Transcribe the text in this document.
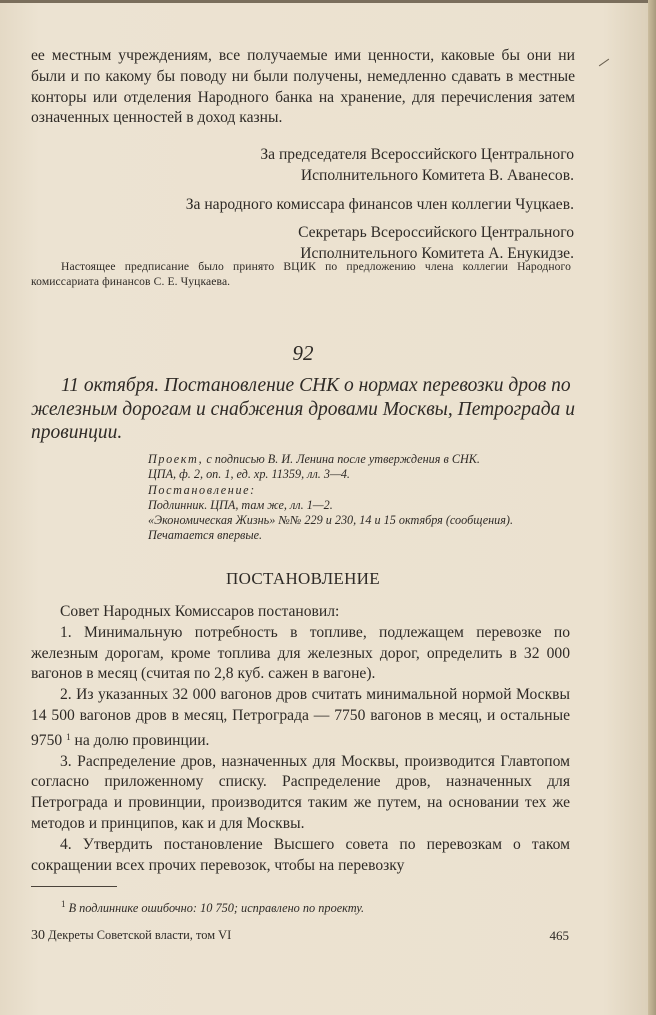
ее местным учреждениям, все получаемые ими ценности, каковые бы они ни были и по какому бы поводу ни были получены, немедленно сдавать в местные конторы или отделения Народного банка на хранение, для перечисления затем означенных ценностей в доход казны.

За председателя Всероссийского Центрального

Исполнительного Комитета В. Аванесов.

За народного комиссара финансов член коллегии Чуцкаев.

Секретарь Всероссийского Центрального

Исполнительного Комитета А. Енукидзе.

Настоящее предписание было принято ВЦИК по предложению члена коллегии Народного комиссариата финансов С. Е. Чуцкаева.

92

11 октября. Постановление СНК о нормах перевозки дров по железным дорогам и снабжения дровами Москвы, Петрограда и провинции.

Проект, с подписью В. И. Ленина после утверждения в СНК.

ЦПА, ф. 2, оп. 1, ед. хр. 11359, лл. 3—4.

Постановление:

Подлинник. ЦПА, там же, лл. 1—2.

«Экономическая Жизнь» №№ 229 и 230, 14 и 15 октября (сообщения).

Печатается впервые.

ПОСТАНОВЛЕНИЕ

Совет Народных Комиссаров постановил:

1. Минимальную потребность в топливе, подлежащем перевозке по железным дорогам, кроме топлива для железных дорог, определить в 32 000 вагонов в месяц (считая по 2,8 куб. сажен в вагоне).

2. Из указанных 32 000 вагонов дров считать минимальной нормой Москвы 14 500 вагонов дров в месяц, Петрограда — 7750 вагонов в месяц, и остальные 9750 $^1$ на долю провинции.

3. Распределение дров, назначенных для Москвы, производится Главтопом согласно приложенному списку. Распределение дров, назначенных для Петрограда и провинции, производится таким же путем, на основании тех же методов и принципов, как и для Москвы.

4. Утвердить постановление Высшего совета по перевозкам о таком сокращении всех прочих перевозок, чтобы на перевозку

$^1$ В подлиннике ошибочно: 10 750; исправлено по проекту.

30 Декреты Советской власти, том VI	465
